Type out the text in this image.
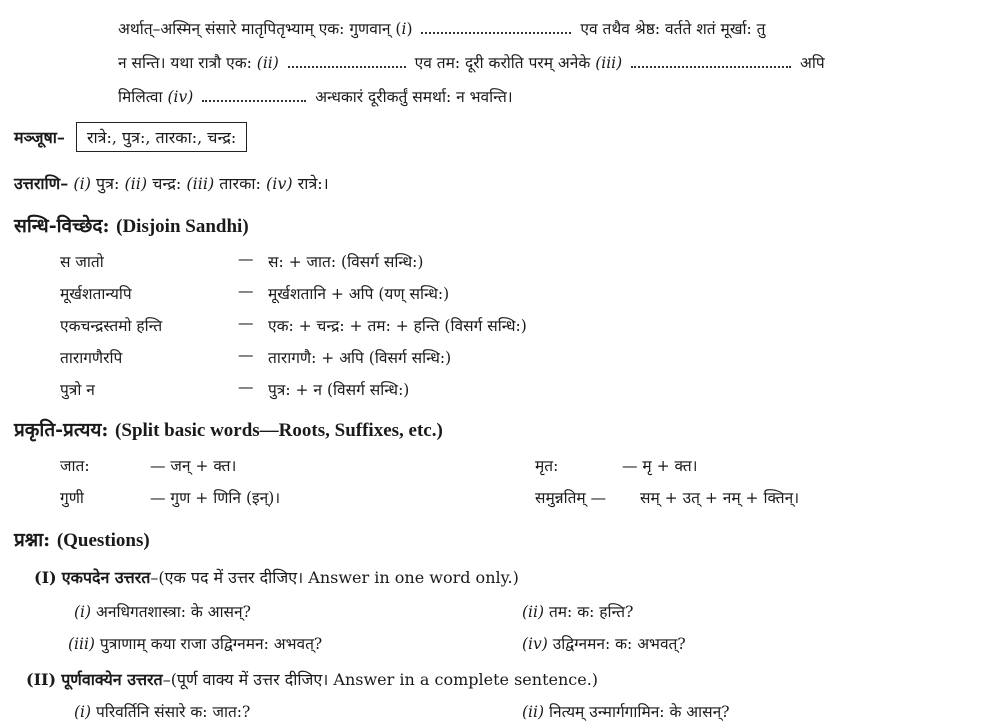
अर्थात्–अस्मिन् संसारे मातृपितृभ्याम् एक: गुणवान् (i)	एव तथैव श्रेष्ठ: वर्तते शतं मूर्खा: तु
न सन्ति। यथा रात्रौ एक: (ii)	एव तम: दूरी करोति परम् अनेके (iii)	अपि
मिलित्वा (iv)	अन्धकारं दूरीकर्तुं समर्था: न भवन्ति।
मञ्जूषा– रात्रे:, पुत्र:, तारका:, चन्द्र:
उत्तराणि– (i) पुत्र: (ii) चन्द्र: (iii) तारका: (iv) रात्रे:।
सन्धि-विच्छेद: (Disjoin Sandhi)
स जातो	— स: + जात: (विसर्ग सन्धि:)
मूर्खशतान्यपि	— मूर्खशतानि + अपि (यण् सन्धि:)
एकचन्द्रस्तमो हन्ति	— एक: + चन्द्र: + तम: + हन्ति (विसर्ग सन्धि:)
तारागणैरपि	— तारागणै: + अपि (विसर्ग सन्धि:)
पुत्रो न	— पुत्र: + न (विसर्ग सन्धि:)
प्रकृति-प्रत्यय: (Split basic words—Roots, Suffixes, etc.)
जात:	— जन् + क्त।	मृत:	— मृ + क्त।
गुणी	— गुण + णिनि (इन्)।	समुन्नतिम् — सम् + उत् + नम् + क्तिन्।
प्रश्ना: (Questions)
(I) एकपदेन उत्तरत–(एक पद में उत्तर दीजिए। Answer in one word only.)
(i) अनधिगतशास्त्रा: के आसन्?	(ii) तम: क: हन्ति?
(iii) पुत्राणाम् कया राजा उद्विग्नमन: अभवत्?	(iv) उद्विग्नमन: क: अभवत्?
(II) पूर्णवाक्येन उत्तरत–(पूर्ण वाक्य में उत्तर दीजिए। Answer in a complete sentence.)
(i) परिवर्तिनि संसारे क: जात:?	(ii) नित्यम् उन्मार्गगामिन: के आसन्?
